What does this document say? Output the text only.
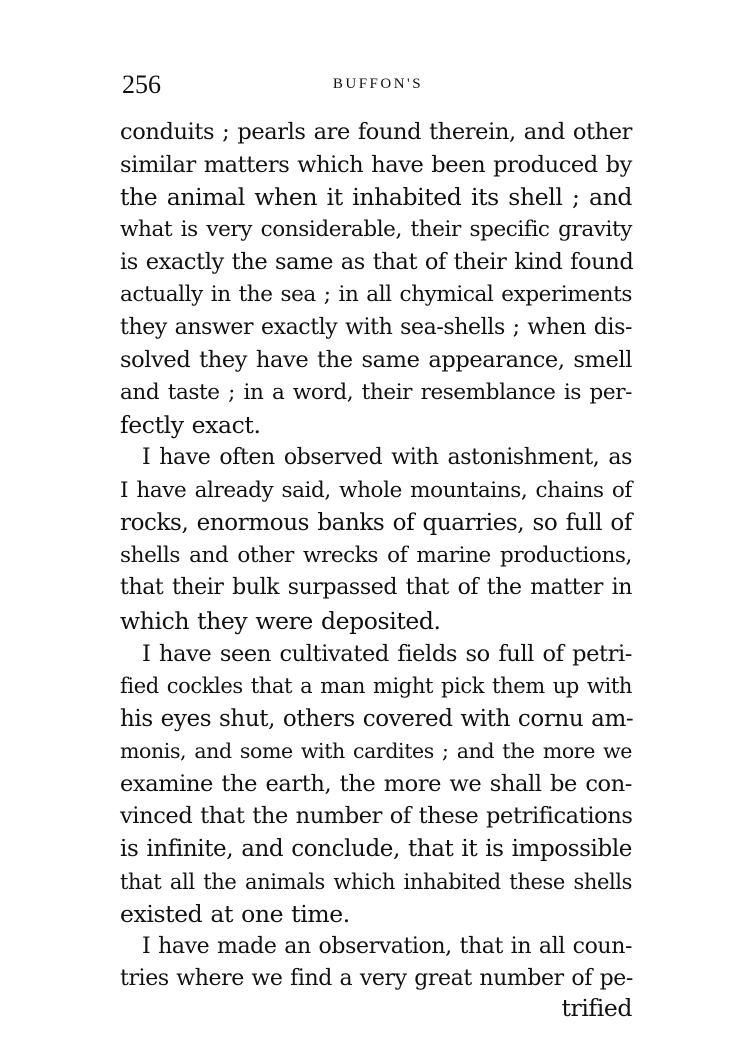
256	BUFFON'S
conduits ; pearls are found therein, and other
similar matters which have been produced by
the animal when it inhabited its shell ; and
what is very considerable, their specific gravity
is exactly the same as that of their kind found
actually in the sea ; in all chymical experiments
they answer exactly with sea-shells ; when dis-
solved they have the same appearance, smell
and taste ; in a word, their resemblance is per-
fectly exact.
I have often observed with astonishment, as
I have already said, whole mountains, chains of
rocks, enormous banks of quarries, so full of
shells and other wrecks of marine productions,
that their bulk surpassed that of the matter in
which they were deposited.
I have seen cultivated fields so full of petri-
fied cockles that a man might pick them up with
his eyes shut, others covered with cornu am-
monis, and some with cardites ; and the more we
examine the earth, the more we shall be con-
vinced that the number of these petrifications
is infinite, and conclude, that it is impossible
that all the animals which inhabited these shells
existed at one time.
I have made an observation, that in all coun-
tries where we find a very great number of pe-
trified
